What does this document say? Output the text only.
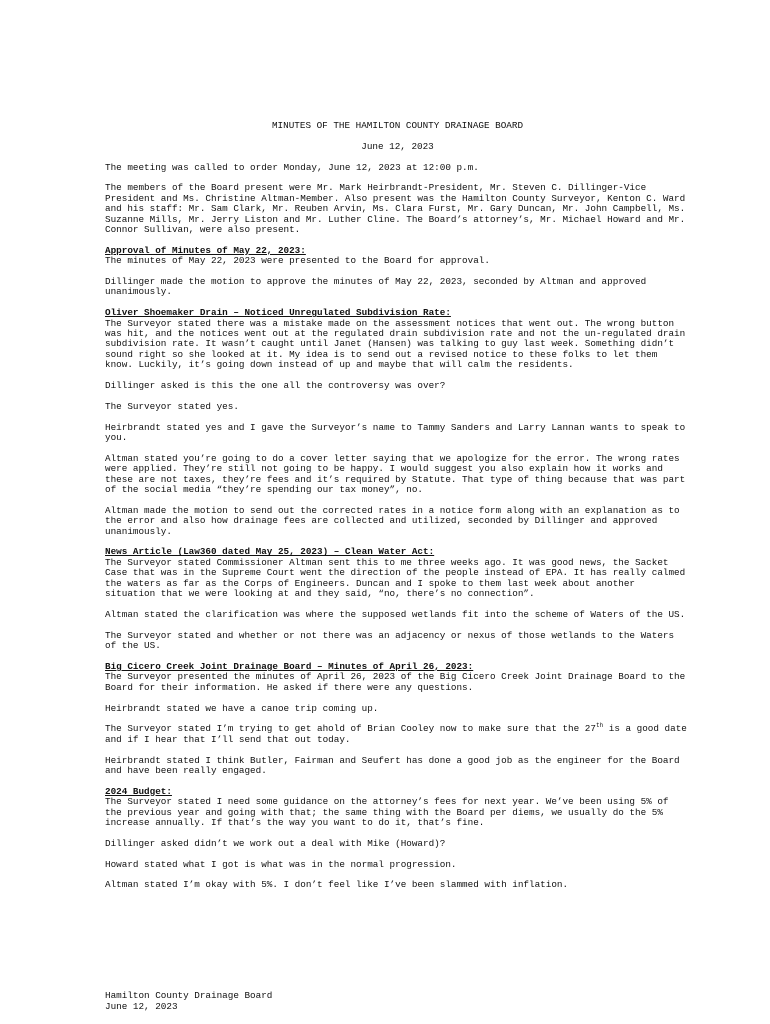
MINUTES OF THE HAMILTON COUNTY DRAINAGE BOARD

June 12, 2023

The meeting was called to order Monday, June 12, 2023 at 12:00 p.m.

The members of the Board present were Mr. Mark Heirbrandt-President, Mr. Steven C. Dillinger-Vice President and Ms. Christine Altman-Member. Also present was the Hamilton County Surveyor, Kenton C. Ward and his staff: Mr. Sam Clark, Mr. Reuben Arvin, Ms. Clara Furst, Mr. Gary Duncan, Mr. John Campbell, Ms. Suzanne Mills, Mr. Jerry Liston and Mr. Luther Cline. The Board’s attorney’s, Mr. Michael Howard and Mr. Connor Sullivan, were also present.

Approval of Minutes of May 22, 2023:

The minutes of May 22, 2023 were presented to the Board for approval.

Dillinger made the motion to approve the minutes of May 22, 2023, seconded by Altman and approved unanimously.

Oliver Shoemaker Drain – Noticed Unregulated Subdivision Rate:

The Surveyor stated there was a mistake made on the assessment notices that went out. The wrong button was hit, and the notices went out at the regulated drain subdivision rate and not the un-regulated drain subdivision rate. It wasn’t caught until Janet (Hansen) was talking to guy last week. Something didn’t sound right so she looked at it. My idea is to send out a revised notice to these folks to let them know. Luckily, it’s going down instead of up and maybe that will calm the residents.

Dillinger asked is this the one all the controversy was over?

The Surveyor stated yes.

Heirbrandt stated yes and I gave the Surveyor’s name to Tammy Sanders and Larry Lannan wants to speak to you.

Altman stated you’re going to do a cover letter saying that we apologize for the error. The wrong rates were applied. They’re still not going to be happy. I would suggest you also explain how it works and these are not taxes, they’re fees and it’s required by Statute. That type of thing because that was part of the social media “they’re spending our tax money”, no.

Altman made the motion to send out the corrected rates in a notice form along with an explanation as to the error and also how drainage fees are collected and utilized, seconded by Dillinger and approved unanimously.

News Article (Law360 dated May 25, 2023) – Clean Water Act:

The Surveyor stated Commissioner Altman sent this to me three weeks ago. It was good news, the Sacket Case that was in the Supreme Court went the direction of the people instead of EPA. It has really calmed the waters as far as the Corps of Engineers. Duncan and I spoke to them last week about another situation that we were looking at and they said, “no, there’s no connection”.

Altman stated the clarification was where the supposed wetlands fit into the scheme of Waters of the US.

The Surveyor stated and whether or not there was an adjacency or nexus of those wetlands to the Waters of the US.

Big Cicero Creek Joint Drainage Board – Minutes of April 26, 2023:

The Surveyor presented the minutes of April 26, 2023 of the Big Cicero Creek Joint Drainage Board to the Board for their information. He asked if there were any questions.

Heirbrandt stated we have a canoe trip coming up.

The Surveyor stated I’m trying to get ahold of Brian Cooley now to make sure that the 27th is a good date and if I hear that I’ll send that out today.

Heirbrandt stated I think Butler, Fairman and Seufert has done a good job as the engineer for the Board and have been really engaged.

2024 Budget:

The Surveyor stated I need some guidance on the attorney’s fees for next year. We’ve been using 5% of the previous year and going with that; the same thing with the Board per diems, we usually do the 5% increase annually. If that’s the way you want to do it, that’s fine.

Dillinger asked didn’t we work out a deal with Mike (Howard)?

Howard stated what I got is what was in the normal progression.

Altman stated I’m okay with 5%. I don’t feel like I’ve been slammed with inflation.

Hamilton County Drainage Board
June 12, 2023
